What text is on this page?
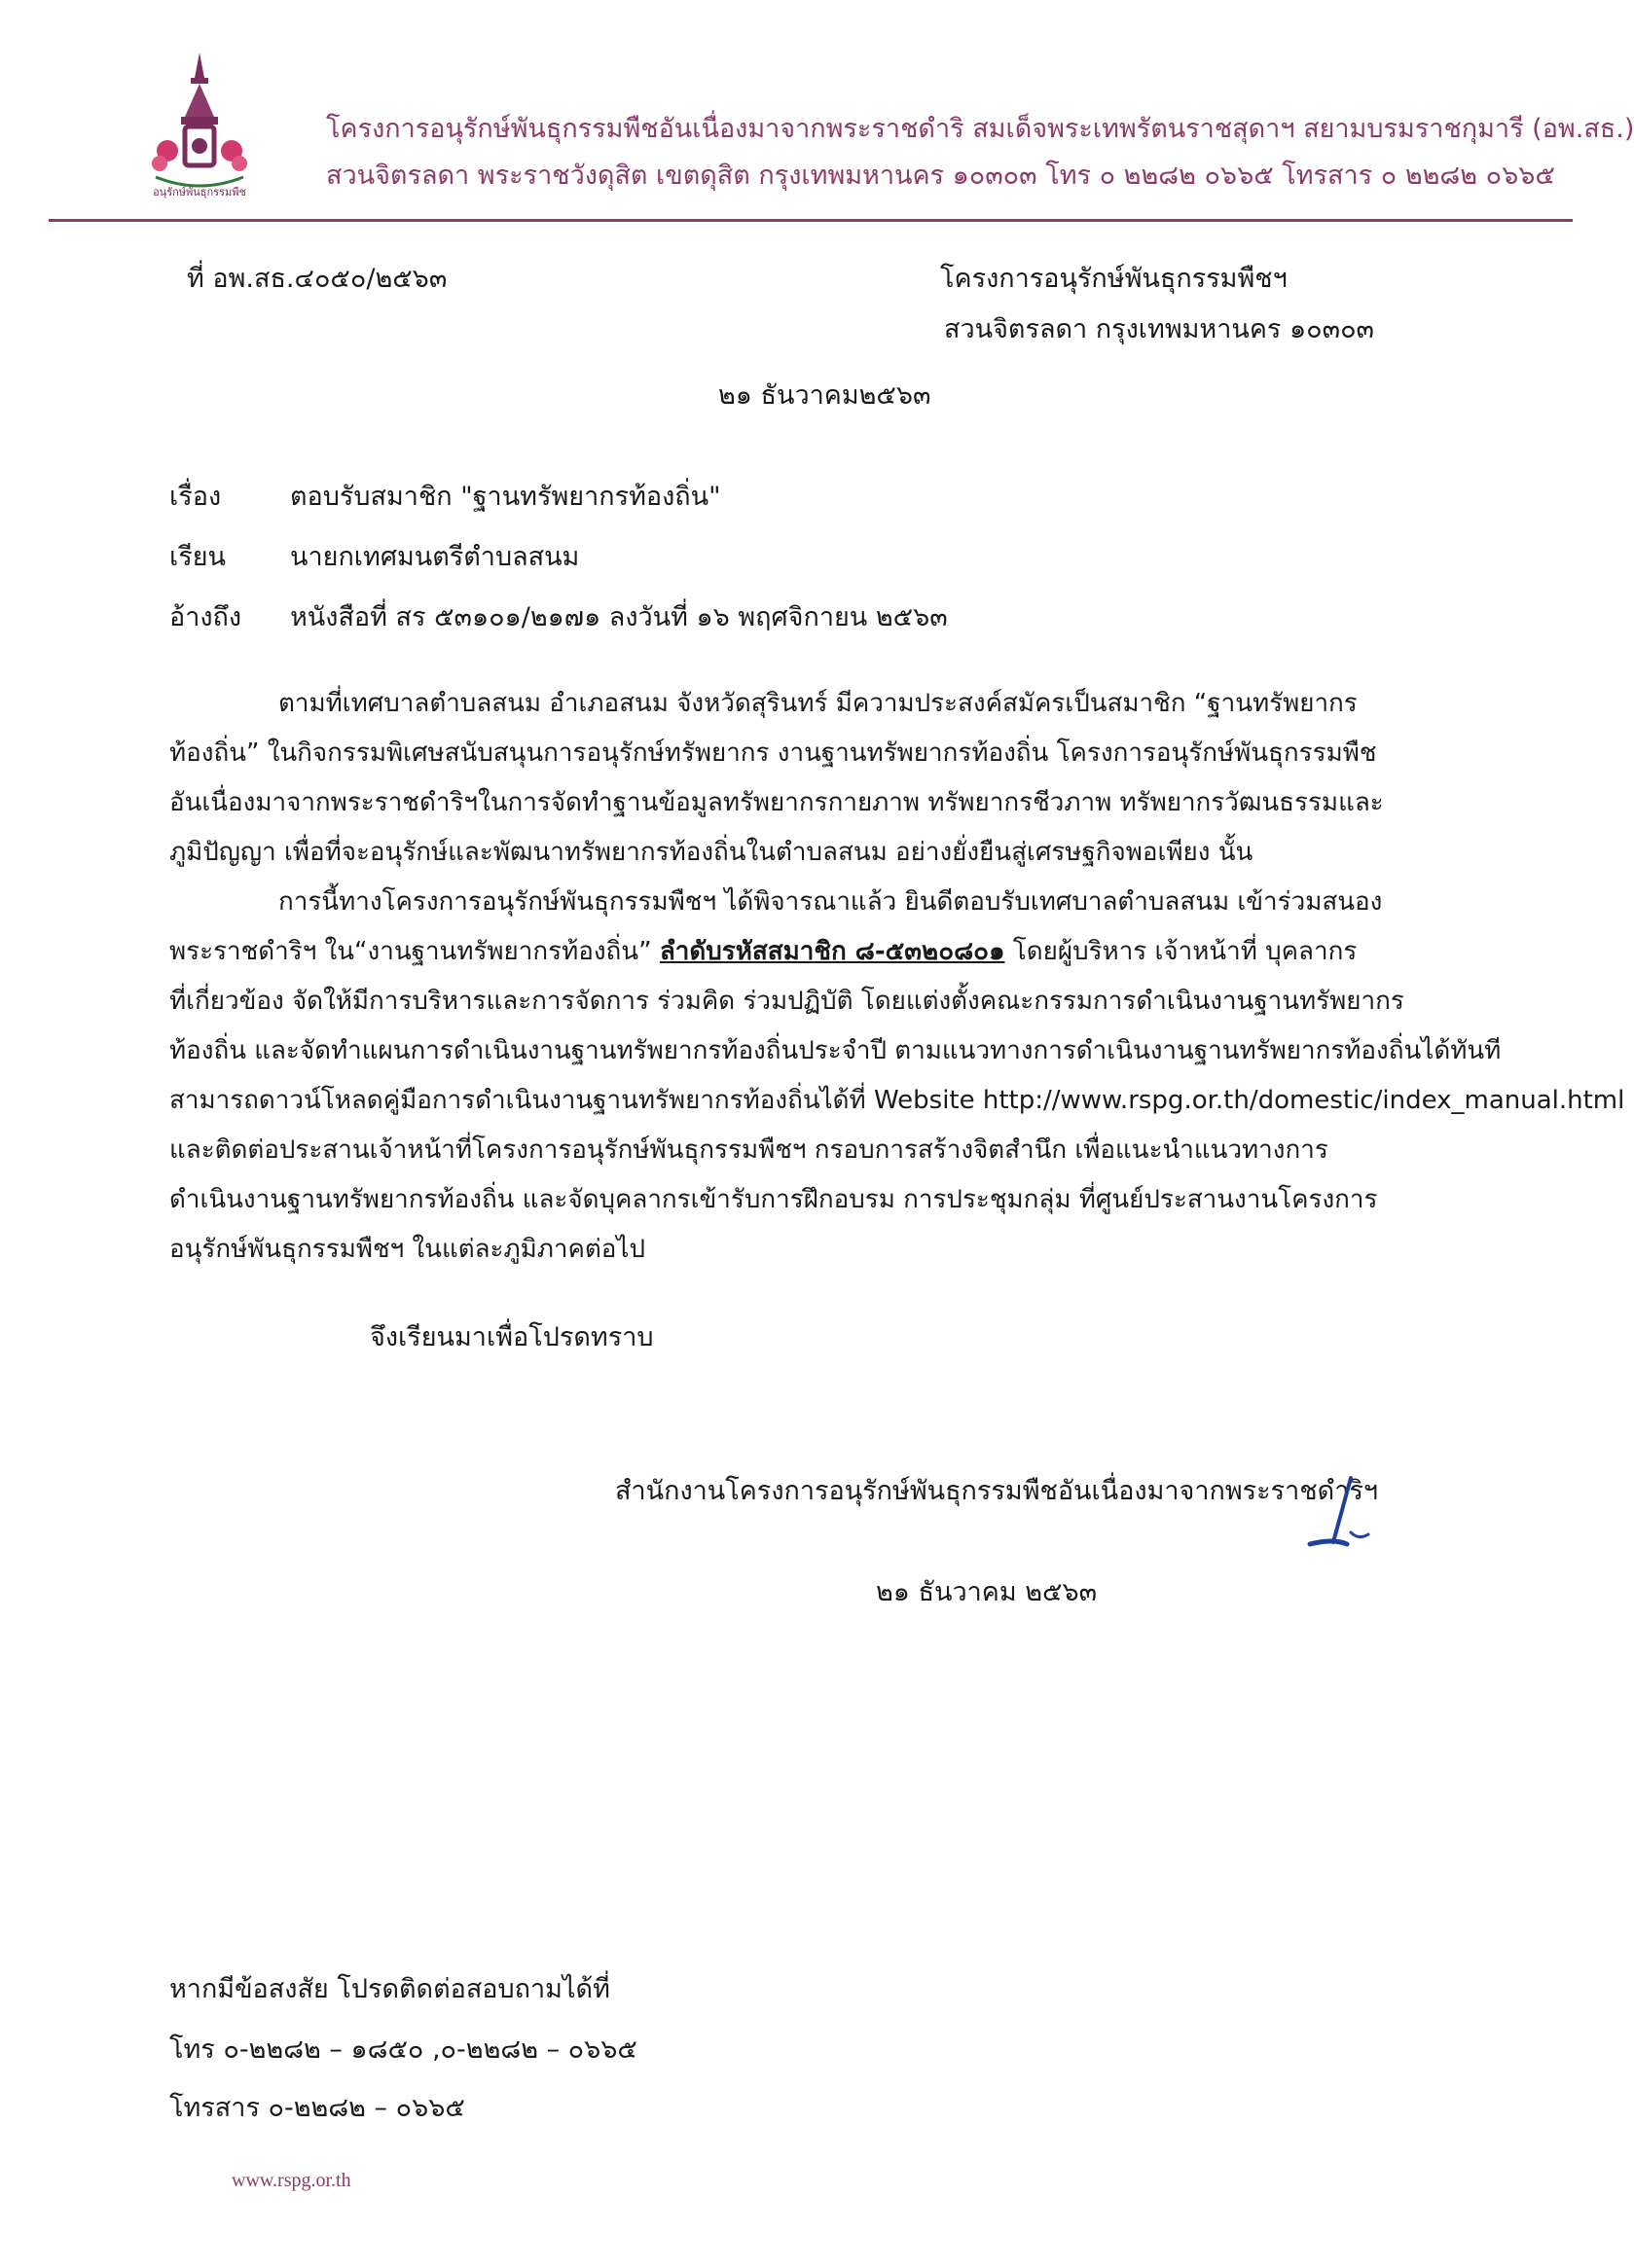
อนุรักษ์พันธุกรรมพืช
โครงการอนุรักษ์พันธุกรรมพืชอันเนื่องมาจากพระราชดำริ สมเด็จพระเทพรัตนราชสุดาฯ สยามบรมราชกุมารี (อพ.สธ.)
สวนจิตรลดา พระราชวังดุสิต เขตดุสิต กรุงเทพมหานคร ๑๐๓๐๓ โทร ๐ ๒๒๘๒ ๐๖๖๕ โทรสาร ๐ ๒๒๘๒ ๐๖๖๕
ที่ อพ.สธ.๔๐๕๐/๒๕๖๓	โครงการอนุรักษ์พันธุกรรมพืชฯ
สวนจิตรลดา กรุงเทพมหานคร ๑๐๓๐๓
๒๑ ธันวาคม๒๕๖๓
เรื่อง	ตอบรับสมาชิก "ฐานทรัพยากรท้องถิ่น"
เรียน นายกเทศมนตรีตำบลสนม
อ้างถึง หนังสือที่ สร ๕๓๑๐๑/๒๑๗๑ ลงวันที่ ๑๖ พฤศจิกายน ๒๕๖๓
ตามที่เทศบาลตำบลสนม อำเภอสนม จังหวัดสุรินทร์ มีความประสงค์สมัครเป็นสมาชิก “ฐานทรัพยากร
ท้องถิ่น” ในกิจกรรมพิเศษสนับสนุนการอนุรักษ์ทรัพยากร งานฐานทรัพยากรท้องถิ่น โครงการอนุรักษ์พันธุกรรมพืช
อันเนื่องมาจากพระราชดำริฯในการจัดทำฐานข้อมูลทรัพยากรกายภาพ ทรัพยากรชีวภาพ ทรัพยากรวัฒนธรรมและ
ภูมิปัญญา เพื่อที่จะอนุรักษ์และพัฒนาทรัพยากรท้องถิ่นในตำบลสนม อย่างยั่งยืนสู่เศรษฐกิจพอเพียง นั้น
การนี้ทางโครงการอนุรักษ์พันธุกรรมพืชฯ ได้พิจารณาแล้ว ยินดีตอบรับเทศบาลตำบลสนม เข้าร่วมสนอง
พระราชดำริฯ ใน“งานฐานทรัพยากรท้องถิ่น” ลำดับรหัสสมาชิก ๘-๕๓๒๐๘๐๑ โดยผู้บริหาร เจ้าหน้าที่ บุคลากร
ที่เกี่ยวข้อง จัดให้มีการบริหารและการจัดการ ร่วมคิด ร่วมปฏิบัติ โดยแต่งตั้งคณะกรรมการดำเนินงานฐานทรัพยากร
ท้องถิ่น และจัดทำแผนการดำเนินงานฐานทรัพยากรท้องถิ่นประจำปี ตามแนวทางการดำเนินงานฐานทรัพยากรท้องถิ่นได้ทันที
สามารถดาวน์โหลดคู่มือการดำเนินงานฐานทรัพยากรท้องถิ่นได้ที่ Website http://www.rspg.or.th/domestic/index_manual.html
และติดต่อประสานเจ้าหน้าที่โครงการอนุรักษ์พันธุกรรมพืชฯ กรอบการสร้างจิตสำนึก เพื่อแนะนำแนวทางการ
ดำเนินงานฐานทรัพยากรท้องถิ่น และจัดบุคลากรเข้ารับการฝึกอบรม การประชุมกลุ่ม ที่ศูนย์ประสานงานโครงการ
อนุรักษ์พันธุกรรมพืชฯ ในแต่ละภูมิภาคต่อไป
จึงเรียนมาเพื่อโปรดทราบ
สำนักงานโครงการอนุรักษ์พันธุกรรมพืชอันเนื่องมาจากพระราชดำริฯ
๒๑ ธันวาคม ๒๕๖๓
หากมีข้อสงสัย โปรดติดต่อสอบถามได้ที่
โทร ๐-๒๒๘๒ – ๑๘๕๐ ,๐-๒๒๘๒ – ๐๖๖๕
โทรสาร ๐-๒๒๘๒ – ๐๖๖๕
www.rspg.or.th
